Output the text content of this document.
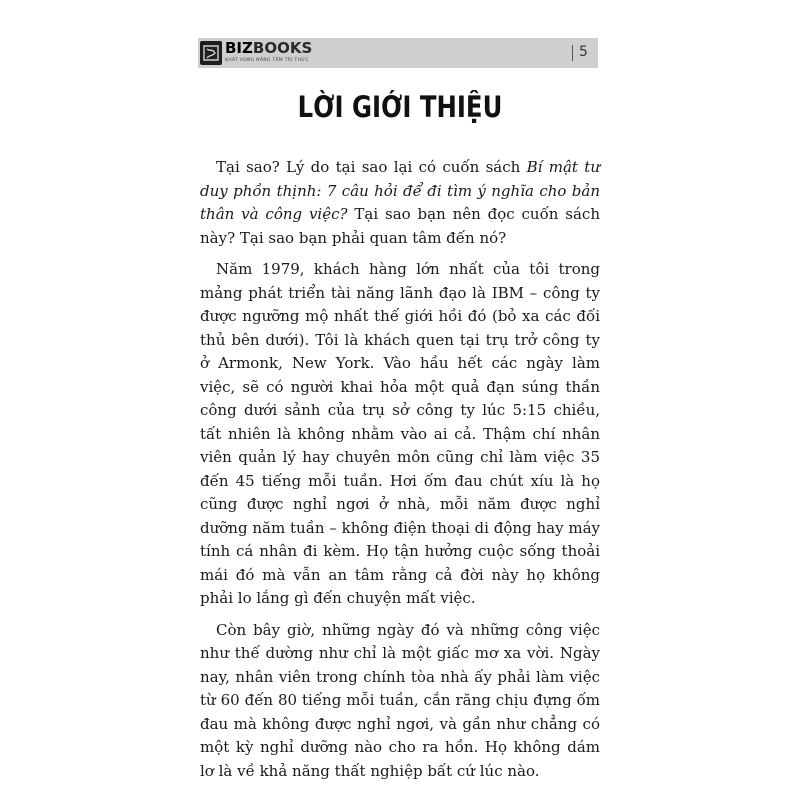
BIZBOOKS
KHÁT VỌNG NÂNG TẦM TRI THỨC
5
LỜI GIỚI THIỆU

Tại sao? Lý do tại sao lại có cuốn sách Bí mật tư duy phồn thịnh: 7 câu hỏi để đi tìm ý nghĩa cho bản thân và công việc? Tại sao bạn nên đọc cuốn sách này? Tại sao bạn phải quan tâm đến nó?

Năm 1979, khách hàng lớn nhất của tôi trong mảng phát triển tài năng lãnh đạo là IBM – công ty được ngưỡng mộ nhất thế giới hồi đó (bỏ xa các đối thủ bên dưới). Tôi là khách quen tại trụ trở công ty ở Armonk, New York. Vào hầu hết các ngày làm việc, sẽ có người khai hỏa một quả đạn súng thần công dưới sảnh của trụ sở công ty lúc 5:15 chiều, tất nhiên là không nhằm vào ai cả. Thậm chí nhân viên quản lý hay chuyên môn cũng chỉ làm việc 35 đến 45 tiếng mỗi tuần. Hơi ốm đau chút xíu là họ cũng được nghỉ ngơi ở nhà, mỗi năm được nghỉ dưỡng năm tuần – không điện thoại di động hay máy tính cá nhân đi kèm. Họ tận hưởng cuộc sống thoải mái đó mà vẫn an tâm rằng cả đời này họ không phải lo lắng gì đến chuyện mất việc.

Còn bây giờ, những ngày đó và những công việc như thế dường như chỉ là một giấc mơ xa vời. Ngày nay, nhân viên trong chính tòa nhà ấy phải làm việc từ 60 đến 80 tiếng mỗi tuần, cắn răng chịu đựng ốm đau mà không được nghỉ ngơi, và gần như chẳng có một kỳ nghỉ dưỡng nào cho ra hồn. Họ không dám lơ là về khả năng thất nghiệp bất cứ lúc nào.
